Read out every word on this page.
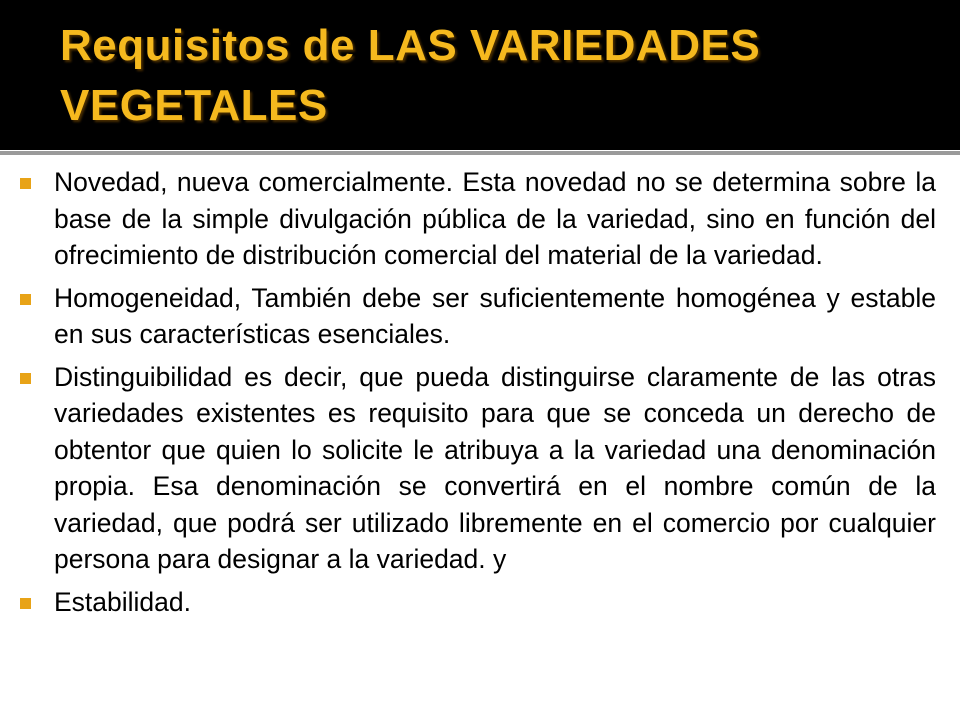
Requisitos de LAS VARIEDADES VEGETALES
Novedad, nueva comercialmente. Esta novedad no se determina sobre la base de la simple divulgación pública de la variedad, sino en función del ofrecimiento de distribución comercial del material de la variedad.
Homogeneidad, También debe ser suficientemente homogénea y estable en sus características esenciales.
Distinguibilidad es decir, que pueda distinguirse claramente de las otras variedades existentes es requisito para que se conceda un derecho de obtentor que quien lo solicite le atribuya a la variedad una denominación propia. Esa denominación se convertirá en el nombre común de la variedad, que podrá ser utilizado libremente en el comercio por cualquier persona para designar a la variedad. y
Estabilidad.
